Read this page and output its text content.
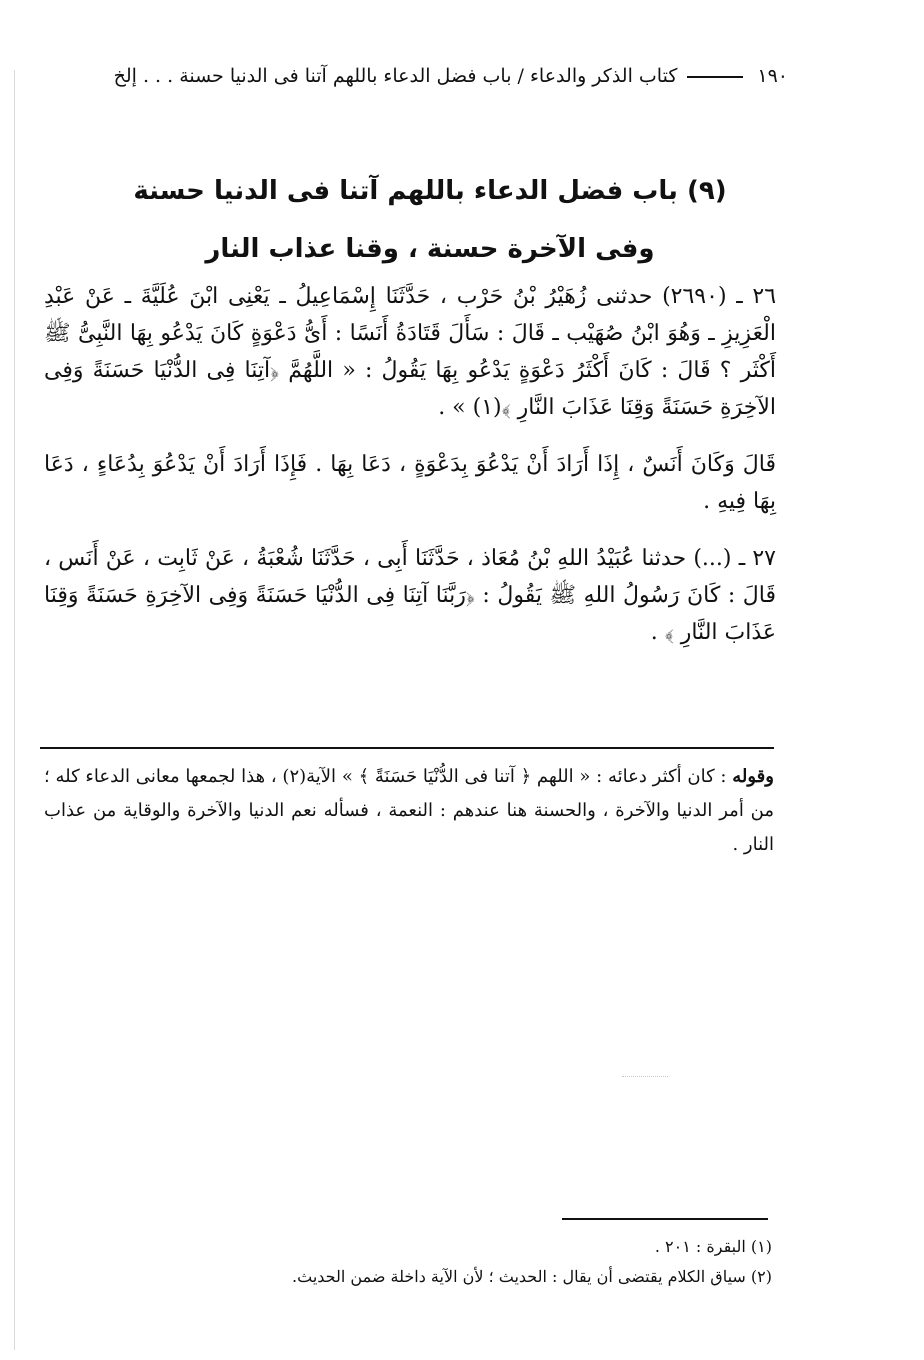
١٩٠كتاب الذكر والدعاء / باب فضل الدعاء باللهم آتنا فى الدنيا حسنة . . . إلخ
(٩) باب فضل الدعاء باللهم آتنا فى الدنيا حسنة
وفى الآخرة حسنة ، وقنا عذاب النار

٢٦ ـ (٢٦٩٠) حدثنى زُهَيْرُ بْنُ حَرْب ، حَدَّثَنَا إِسْمَاعِيلُ ـ يَعْنِى ابْنَ عُلَيَّةَ ـ عَنْ عَبْدِ الْعَزِيزِ ـ وَهُوَ ابْنُ صُهَيْب ـ قَالَ : سَأَلَ قَتَادَةُ أَنَسًا : أَىُّ دَعْوَةٍ كَانَ يَدْعُو بِهَا النَّبِىُّ ﷺ أَكْثَر ؟ قَالَ : كَانَ أَكْثَرُ دَعْوَةٍ يَدْعُو بِهَا يَقُولُ : « اللَّهُمَّ ﴿آتِنَا فِى الدُّنْيَا حَسَنَةً وَفِى الآخِرَةِ حَسَنَةً وَقِنَا عَذَابَ النَّارِ ﴾(١) » .

قَالَ وَكَانَ أَنَسٌ ، إِذَا أَرَادَ أَنْ يَدْعُوَ بِدَعْوَةٍ ، دَعَا بِهَا . فَإِذَا أَرَادَ أَنْ يَدْعُوَ بِدُعَاءٍ ، دَعَا بِهَا فِيهِ .

٢٧ ـ (...) حدثنا عُبَيْدُ اللهِ بْنُ مُعَاذ ، حَدَّثَنَا أَبِى ، حَدَّثَنَا شُعْبَةُ ، عَنْ ثَابِت ، عَنْ أَنَس ، قَالَ : كَانَ رَسُولُ اللهِ ﷺ يَقُولُ : ﴿رَبَّنَا آتِنَا فِى الدُّنْيَا حَسَنَةً وَفِى الآخِرَةِ حَسَنَةً وَقِنَا عَذَابَ النَّارِ ﴾ .

وقوله : كان أكثر دعائه : « اللهم ﴿ آتنا فى الدُّنْيَا حَسَنَةً ﴾ » الآية(٢) ، هذا لجمعها معانى الدعاء كله ؛ من أمر الدنيا والآخرة ، والحسنة هنا عندهم : النعمة ، فسأله نعم الدنيا والآخرة والوقاية من عذاب النار .
(١) البقرة : ٢٠١ .
(٢) سياق الكلام يقتضى أن يقال : الحديث ؛ لأن الآية داخلة ضمن الحديث.
